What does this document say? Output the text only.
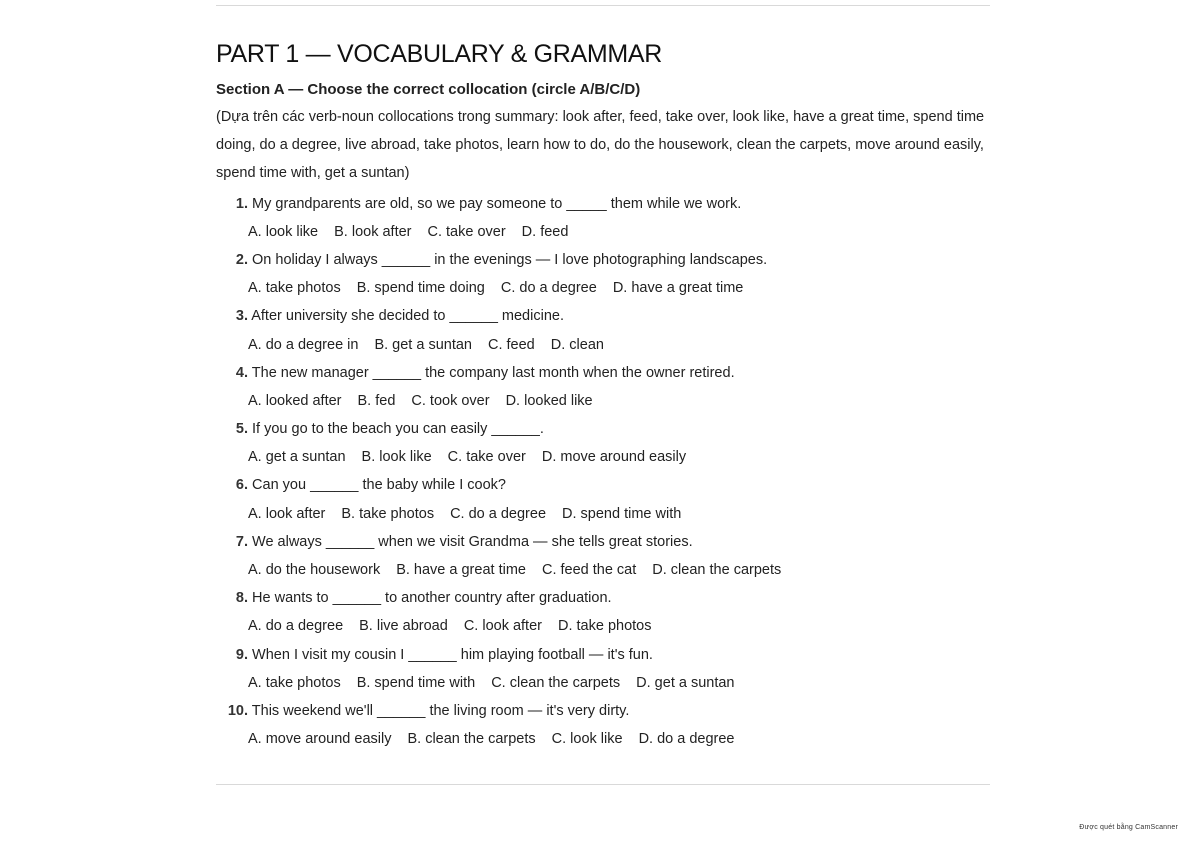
PART 1 — VOCABULARY & GRAMMAR
Section A — Choose the correct collocation (circle A/B/C/D)

(Dựa trên các verb-noun collocations trong summary: look after, feed, take over, look like, have a great time, spend time doing, do a degree, live abroad, take photos, learn how to do, do the housework, clean the carpets, move around easily, spend time with, get a suntan)

1. My grandparents are old, so we pay someone to _____ them while we work.
A. look like B. look after C. take over D. feed
2. On holiday I always ______ in the evenings — I love photographing landscapes.
A. take photos B. spend time doing C. do a degree D. have a great time
3. After university she decided to ______ medicine.
A. do a degree in B. get a suntan C. feed D. clean
4. The new manager ______ the company last month when the owner retired.
A. looked after B. fed C. took over D. looked like
5. If you go to the beach you can easily ______.
A. get a suntan B. look like C. take over D. move around easily
6. Can you ______ the baby while I cook?
A. look after B. take photos C. do a degree D. spend time with
7. We always ______ when we visit Grandma — she tells great stories.
A. do the housework B. have a great time C. feed the cat D. clean the carpets
8. He wants to ______ to another country after graduation.
A. do a degree B. live abroad C. look after D. take photos
9. When I visit my cousin I ______ him playing football — it's fun.
A. take photos B. spend time with C. clean the carpets D. get a suntan
10. This weekend we'll ______ the living room — it's very dirty.
A. move around easily B. clean the carpets C. look like D. do a degree
Được quét bằng CamScanner
